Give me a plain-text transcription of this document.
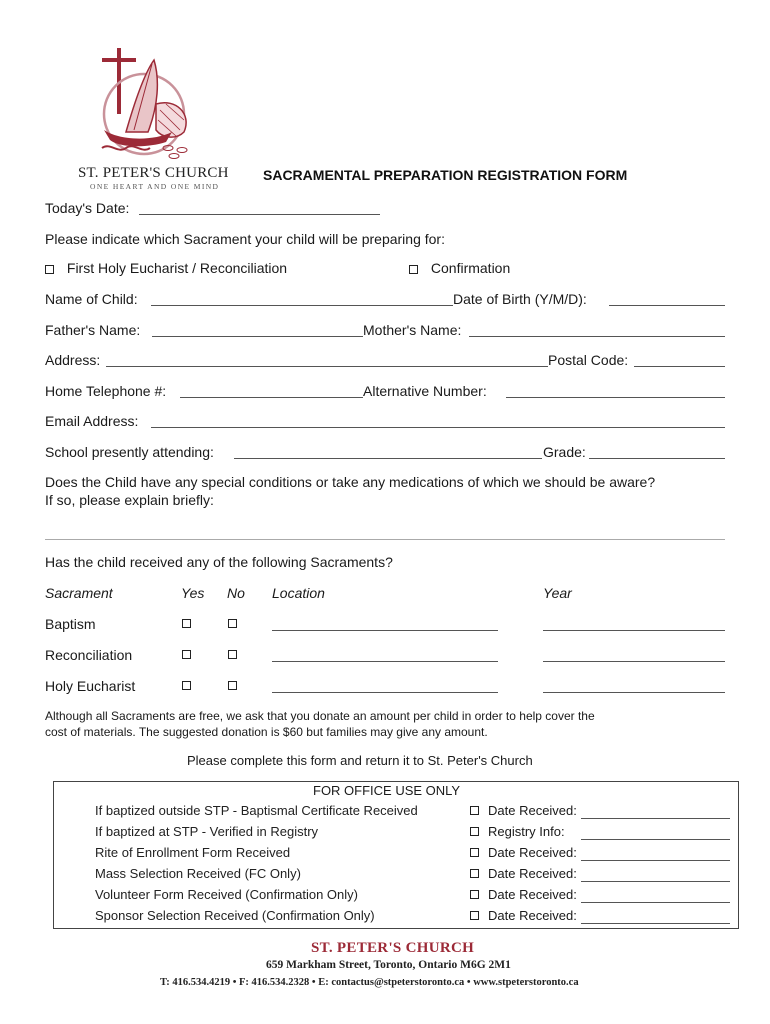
ST. PETER'S CHURCH
ONE HEART AND ONE MIND
SACRAMENTAL PREPARATION REGISTRATION FORM
Today's Date:
Please indicate which Sacrament your child will be preparing for:
First Holy Eucharist / Reconciliation	Confirmation
Name of Child:	Date of Birth (Y/M/D):
Father's Name:	Mother's Name:
Address:	Postal Code:
Home Telephone #:	Alternative Number:
Email Address:
School presently attending:	Grade:
Does the Child have any special conditions or take any medications of which we should be aware?
If so, please explain briefly:
Has the child received any of the following Sacraments?
Sacrament	Yes No Location	Year
Baptism
Reconciliation
Holy Eucharist
Although all Sacraments are free, we ask that you donate an amount per child in order to help cover the
cost of materials. The suggested donation is $60 but families may give any amount.
Please complete this form and return it to St. Peter's Church
FOR OFFICE USE ONLY
If baptized outside STP - Baptismal Certificate Received	Date Received:
If baptized at STP - Verified in Registry	Registry Info:
Rite of Enrollment Form Received	Date Received:
Mass Selection Received (FC Only)	Date Received:
Volunteer Form Received (Confirmation Only)	Date Received:
Sponsor Selection Received (Confirmation Only)	Date Received:
ST. PETER'S CHURCH
659 Markham Street, Toronto, Ontario M6G 2M1
T: 416.534.4219 • F: 416.534.2328 • E: contactus@stpeterstoronto.ca • www.stpeterstoronto.ca
